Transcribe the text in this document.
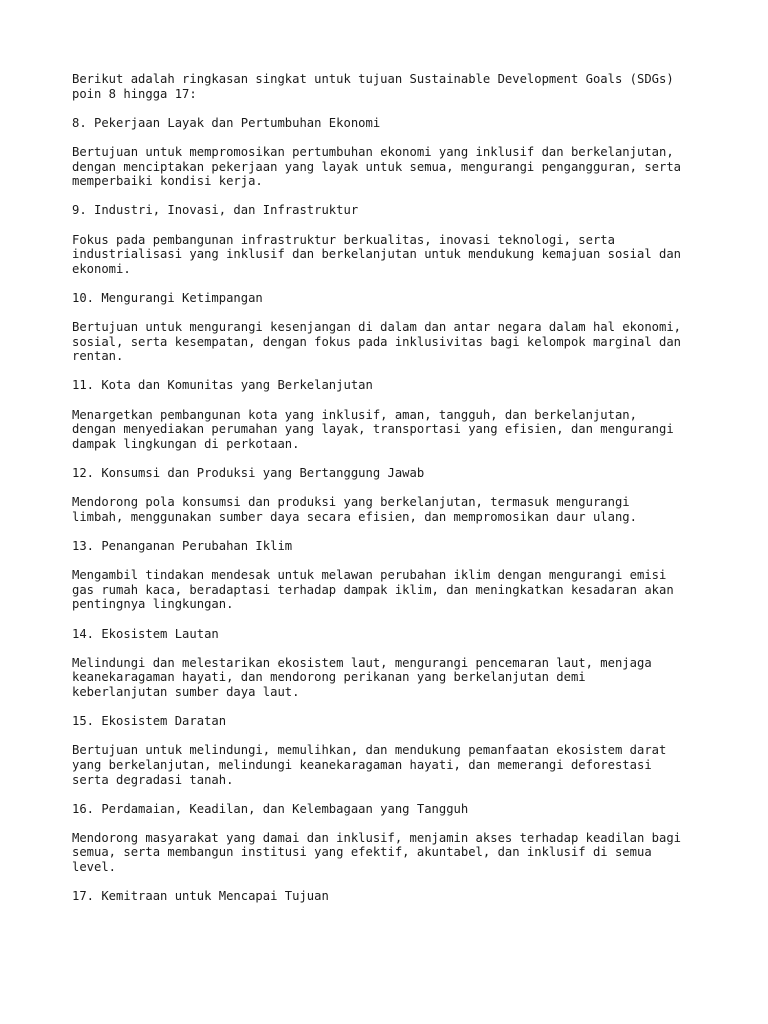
Berikut adalah ringkasan singkat untuk tujuan Sustainable Development Goals (SDGs)
poin 8 hingga 17:

8. Pekerjaan Layak dan Pertumbuhan Ekonomi

Bertujuan untuk mempromosikan pertumbuhan ekonomi yang inklusif dan berkelanjutan,
dengan menciptakan pekerjaan yang layak untuk semua, mengurangi pengangguran, serta
memperbaiki kondisi kerja.

9. Industri, Inovasi, dan Infrastruktur

Fokus pada pembangunan infrastruktur berkualitas, inovasi teknologi, serta
industrialisasi yang inklusif dan berkelanjutan untuk mendukung kemajuan sosial dan
ekonomi.

10. Mengurangi Ketimpangan

Bertujuan untuk mengurangi kesenjangan di dalam dan antar negara dalam hal ekonomi,
sosial, serta kesempatan, dengan fokus pada inklusivitas bagi kelompok marginal dan
rentan.

11. Kota dan Komunitas yang Berkelanjutan

Menargetkan pembangunan kota yang inklusif, aman, tangguh, dan berkelanjutan,
dengan menyediakan perumahan yang layak, transportasi yang efisien, dan mengurangi
dampak lingkungan di perkotaan.

12. Konsumsi dan Produksi yang Bertanggung Jawab

Mendorong pola konsumsi dan produksi yang berkelanjutan, termasuk mengurangi
limbah, menggunakan sumber daya secara efisien, dan mempromosikan daur ulang.

13. Penanganan Perubahan Iklim

Mengambil tindakan mendesak untuk melawan perubahan iklim dengan mengurangi emisi
gas rumah kaca, beradaptasi terhadap dampak iklim, dan meningkatkan kesadaran akan
pentingnya lingkungan.

14. Ekosistem Lautan

Melindungi dan melestarikan ekosistem laut, mengurangi pencemaran laut, menjaga
keanekaragaman hayati, dan mendorong perikanan yang berkelanjutan demi
keberlanjutan sumber daya laut.

15. Ekosistem Daratan

Bertujuan untuk melindungi, memulihkan, dan mendukung pemanfaatan ekosistem darat
yang berkelanjutan, melindungi keanekaragaman hayati, dan memerangi deforestasi
serta degradasi tanah.

16. Perdamaian, Keadilan, dan Kelembagaan yang Tangguh

Mendorong masyarakat yang damai dan inklusif, menjamin akses terhadap keadilan bagi
semua, serta membangun institusi yang efektif, akuntabel, dan inklusif di semua
level.

17. Kemitraan untuk Mencapai Tujuan
